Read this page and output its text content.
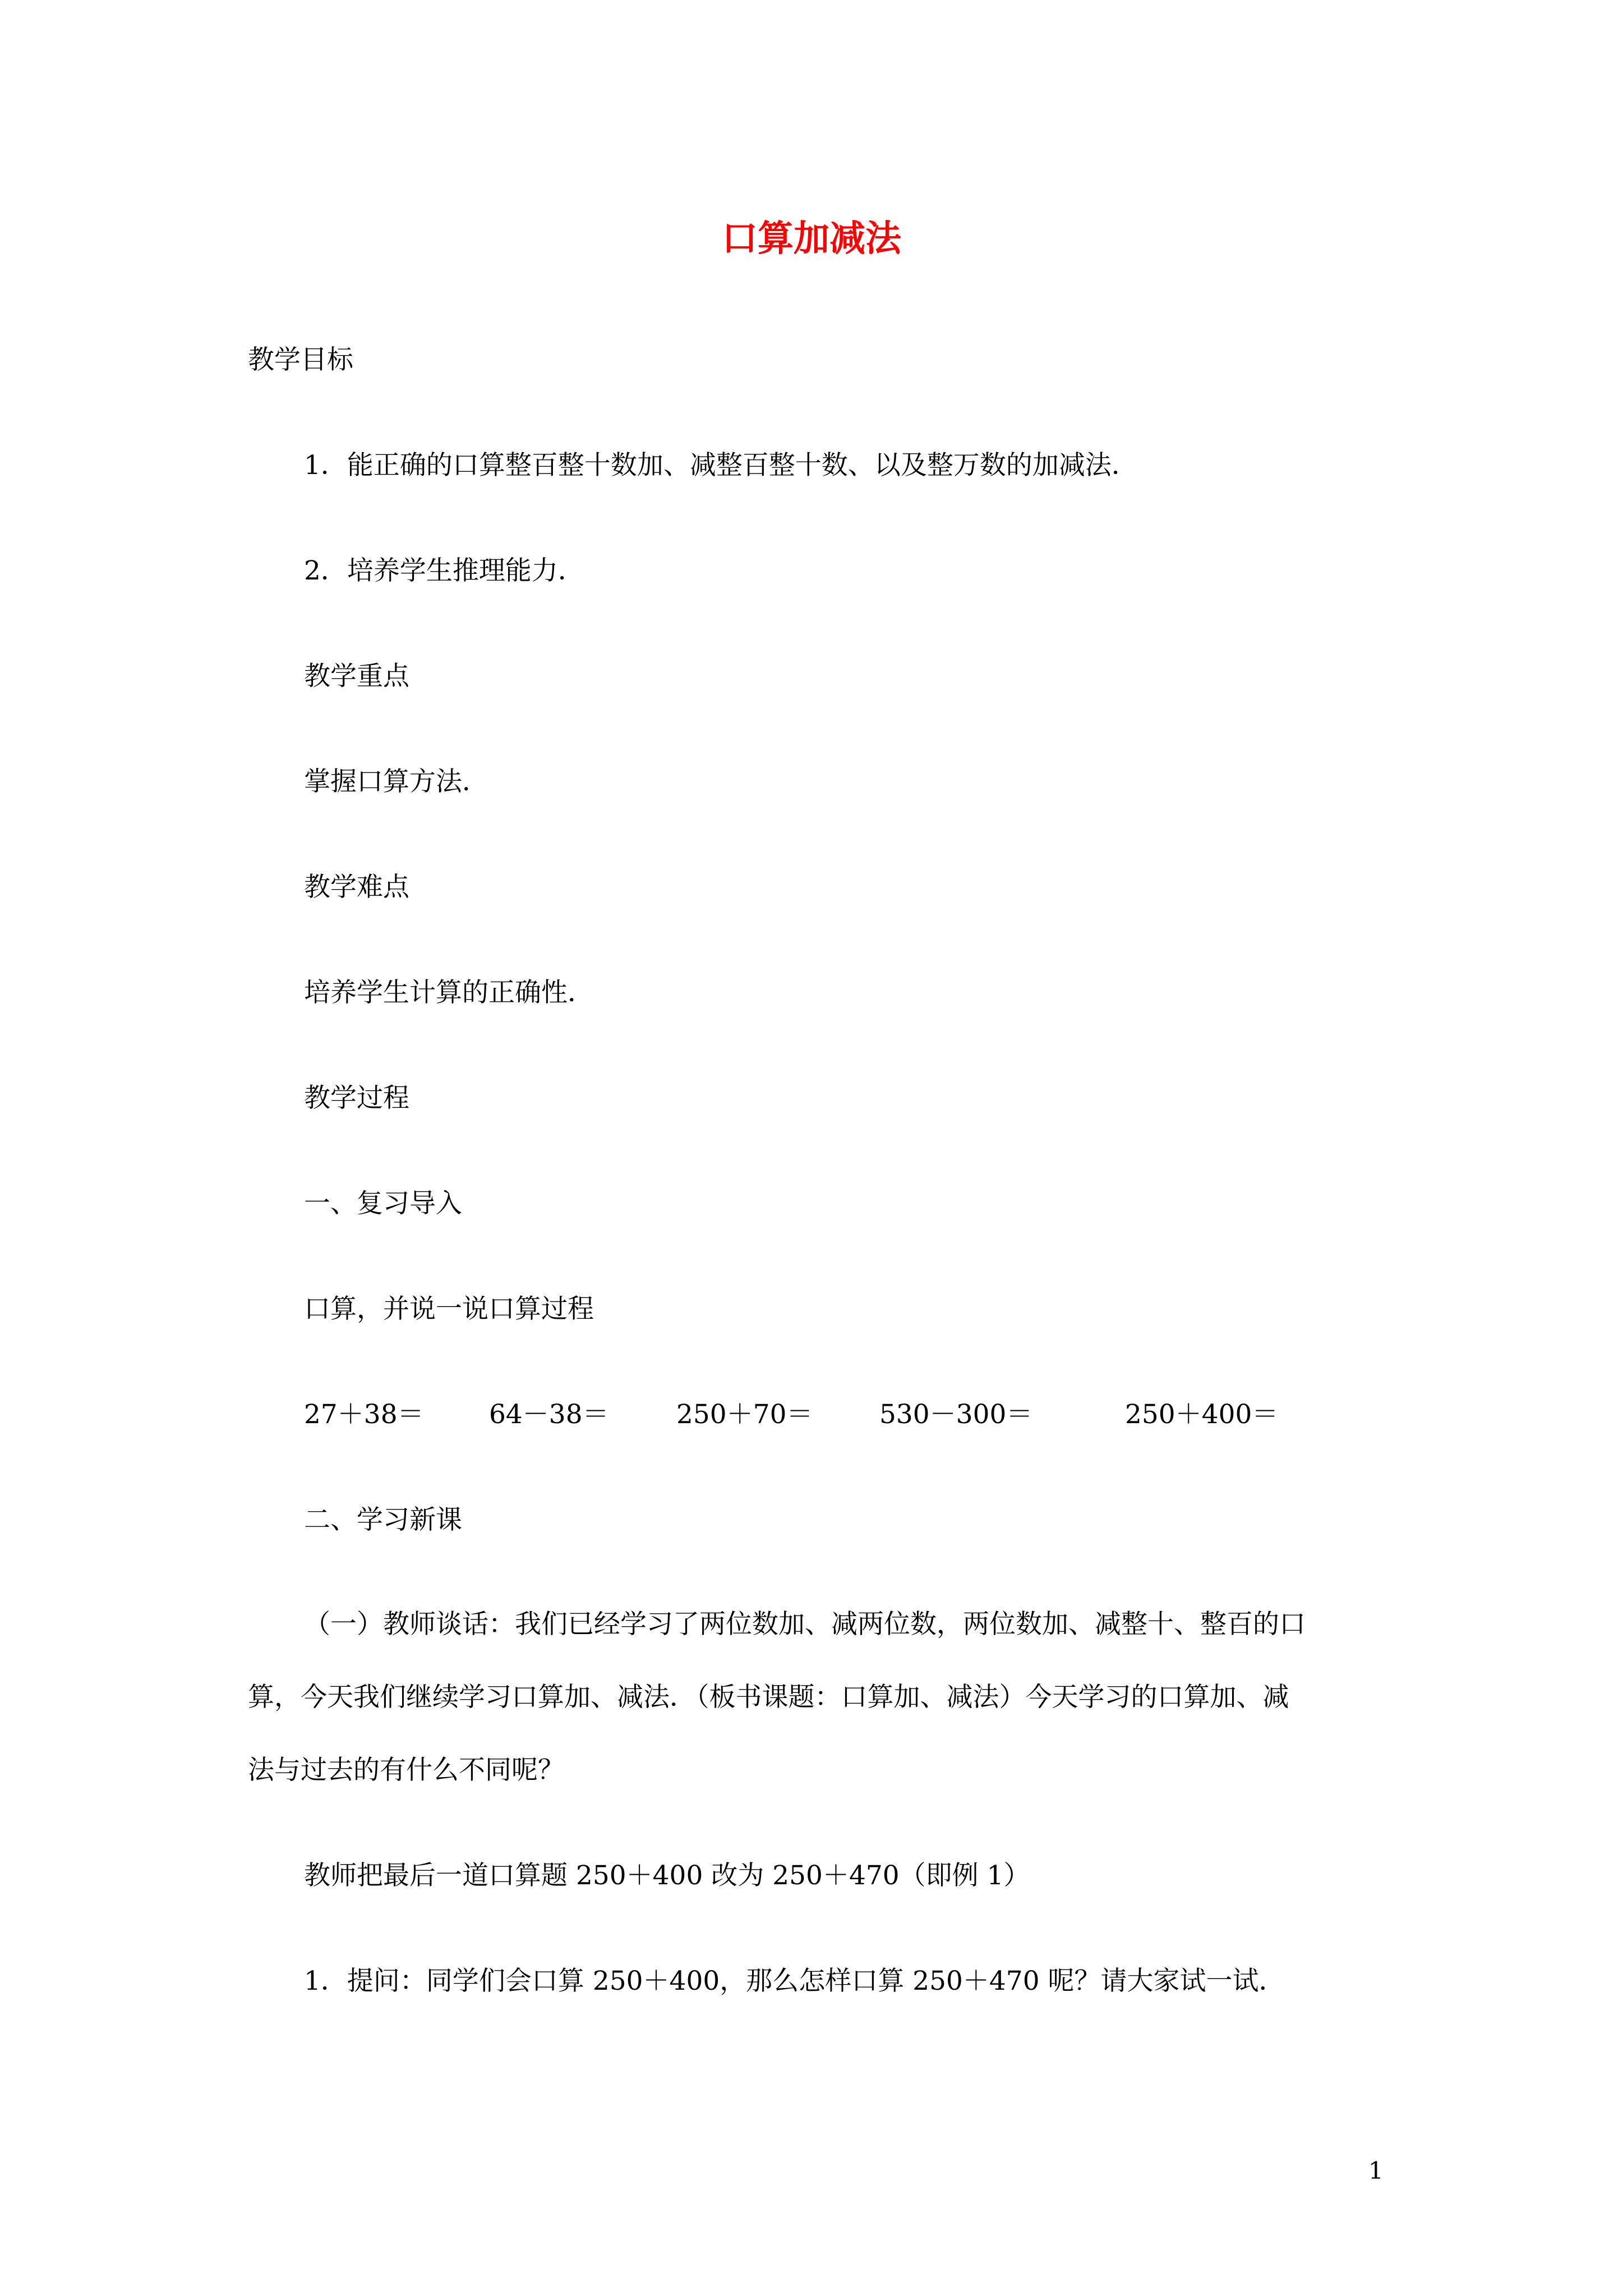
口算加减法
教学目标
1．能正确的口算整百整十数加、减整百整十数、以及整万数的加减法．
2．培养学生推理能力．
教学重点
掌握口算方法．
教学难点
培养学生计算的正确性．
教学过程
一、复习导入
口算，并说一说口算过程
27＋38＝ 64－38＝	250＋70＝	530－300＝	250＋400＝
二、学习新课
（一）教师谈话：我们已经学习了两位数加、减两位数，两位数加、减整十、整百的口
算，今天我们继续学习口算加、减法．（板书课题：口算加、减法）今天学习的口算加、减
法与过去的有什么不同呢？
教师把最后一道口算题 250＋400 改为 250＋470（即例 1）
1．提问：同学们会口算 250＋400，那么怎样口算 250＋470 呢？请大家试一试．
1
